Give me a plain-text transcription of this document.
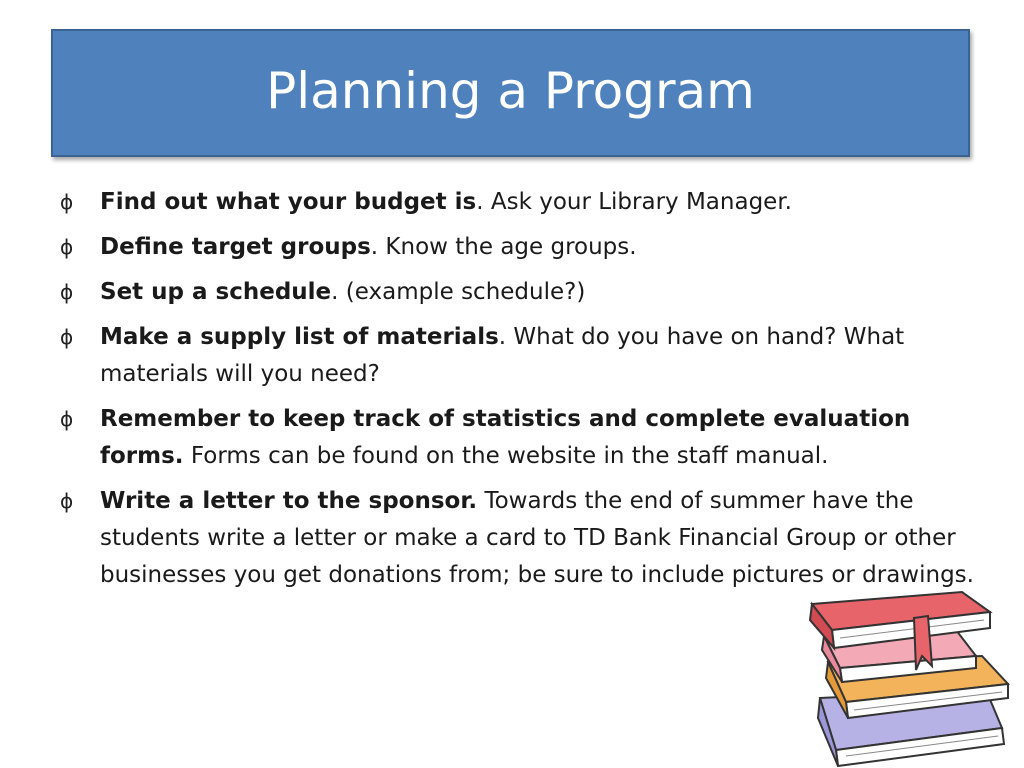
Planning a Program
ϕ Find out what your budget is. Ask your Library Manager.
ϕ Define target groups. Know the age groups.
ϕ Set up a schedule. (example schedule?)
ϕ Make a supply list of materials. What do you have on hand? What materials will you need?
ϕ Remember to keep track of statistics and complete evaluation forms. Forms can be found on the website in the staff manual.
ϕ Write a letter to the sponsor. Towards the end of summer have the students write a letter or make a card to TD Bank Financial Group or other businesses you get donations from; be sure to include pictures or drawings.
